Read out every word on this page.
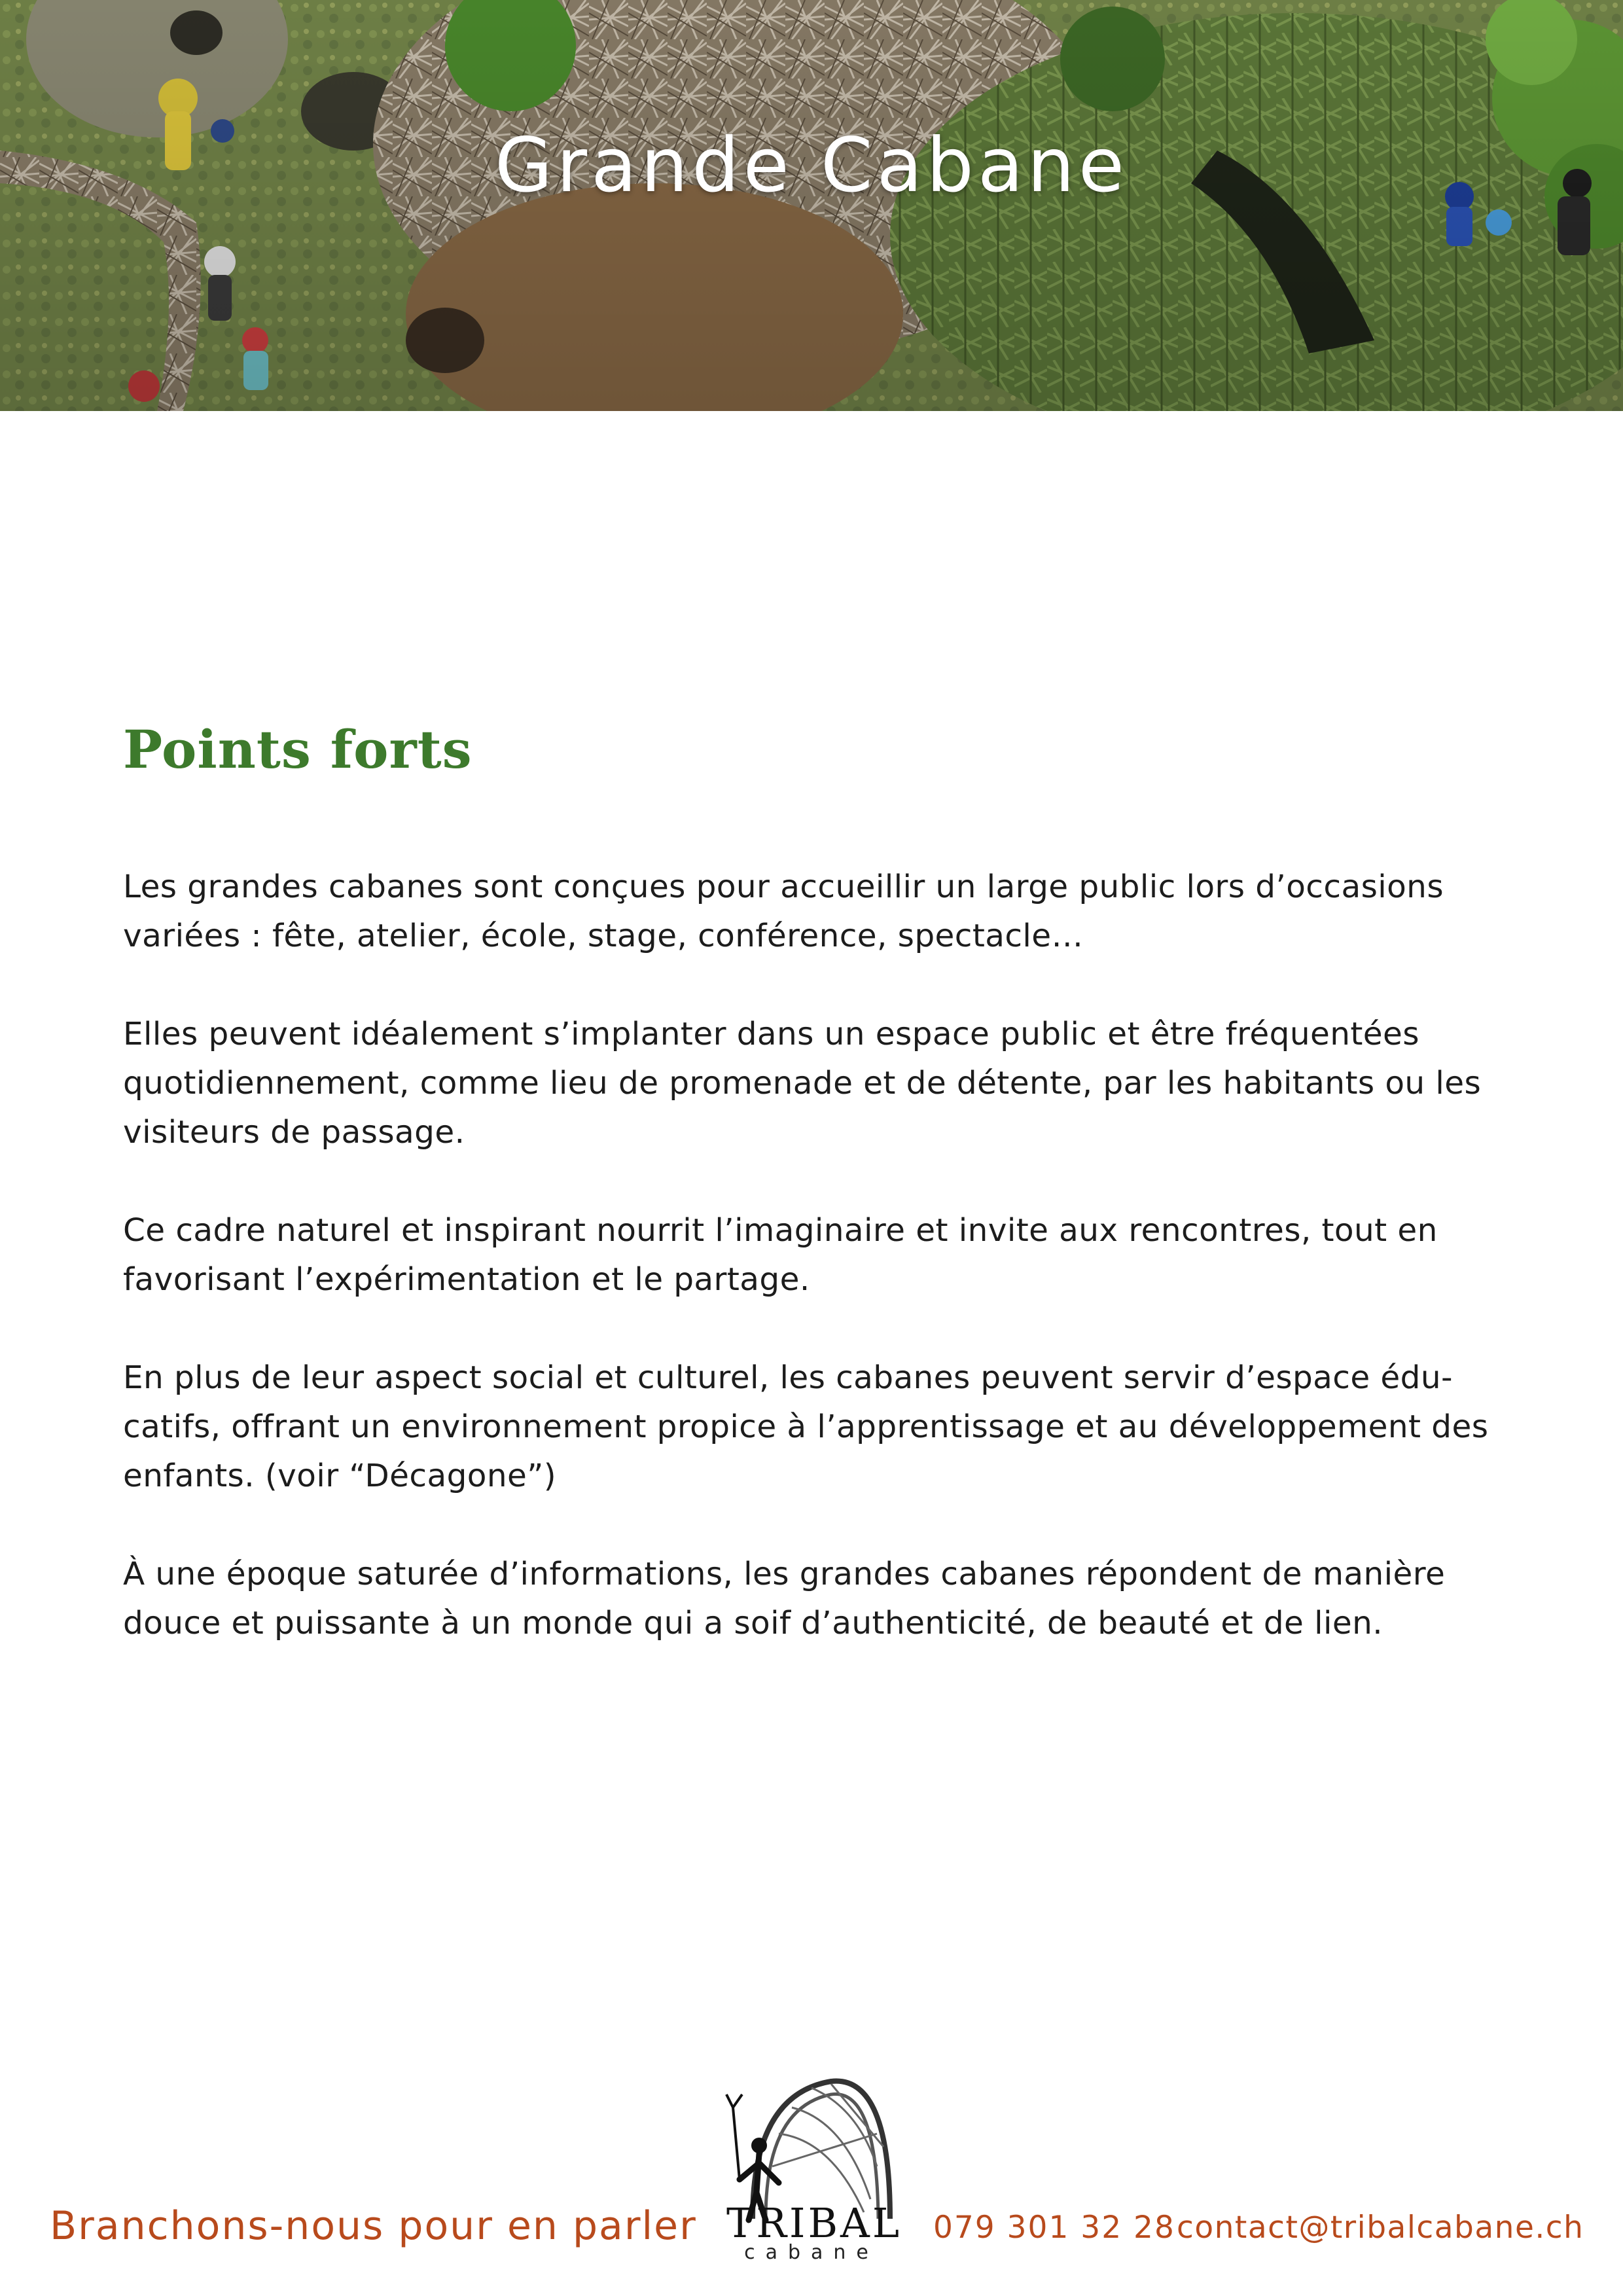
Grande Cabane
Points forts

Les grandes cabanes sont conçues pour accueillir un large public lors d’occasions variées : fête, atelier, école, stage, conférence, spectacle…

Elles peuvent idéalement s’implanter dans un espace public et être fréquentées quotidiennement, comme lieu de promenade et de détente, par les habitants ou les visiteurs de passage.

Ce cadre naturel et inspirant nourrit l’imaginaire et invite aux rencontres, tout en favorisant l’expérimentation et le partage.

En plus de leur aspect social et culturel, les cabanes peuvent servir d’espace édu-catifs, offrant un environnement propice à l’apprentissage et au développement des enfants. (voir “Décagone”)

À une époque saturée d’informations, les grandes cabanes répondent de manière douce et puissante à un monde qui a soif d’authenticité, de beauté et de lien.

Branchons-nous pour en parler TRIBAL
cabane
079 301 32 28 contact@tribalcabane.ch
